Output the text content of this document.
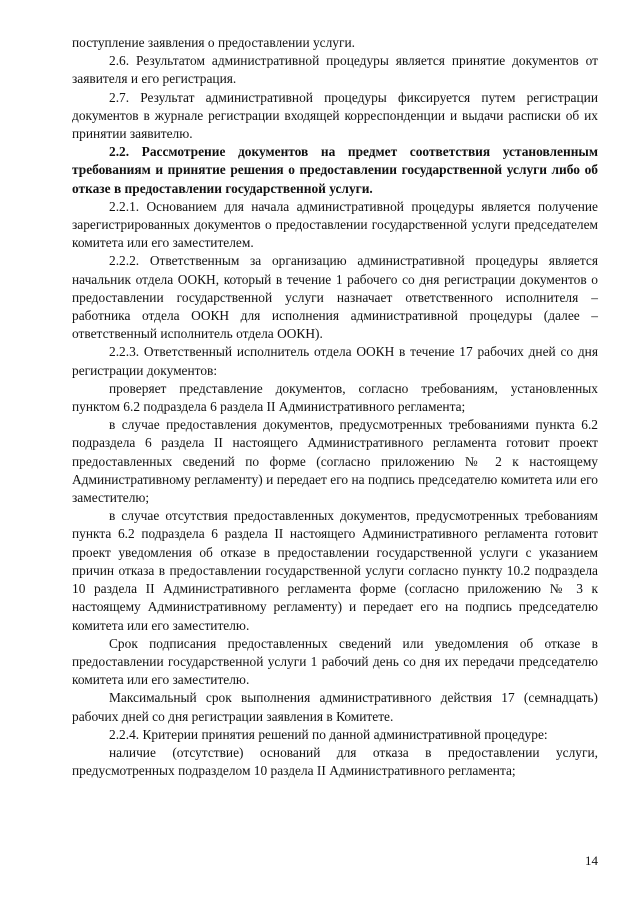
поступление заявления о предоставлении услуги.

2.6. Результатом административной процедуры является принятие документов от заявителя и его регистрация.

2.7. Результат административной процедуры фиксируется путем регистрации документов в журнале регистрации входящей корреспонденции и выдачи расписки об их принятии заявителю.

2.2. Рассмотрение документов на предмет соответствия установленным требованиям и принятие решения о предоставлении государственной услуги либо об отказе в предоставлении государственной услуги.

2.2.1. Основанием для начала административной процедуры является получение зарегистрированных документов о предоставлении государственной услуги председателем комитета или его заместителем.

2.2.2. Ответственным за организацию административной процедуры является начальник отдела ООКН, который в течение 1 рабочего со дня регистрации документов о предоставлении государственной услуги назначает ответственного исполнителя – работника отдела ООКН для исполнения административной процедуры (далее – ответственный исполнитель отдела ООКН).

2.2.3. Ответственный исполнитель отдела ООКН в течение 17 рабочих дней со дня регистрации документов:

проверяет представление документов, согласно требованиям, установленных пунктом 6.2 подраздела 6 раздела II Административного регламента;

в случае предоставления документов, предусмотренных требованиями пункта 6.2 подраздела 6 раздела II настоящего Административного регламента готовит проект предоставленных сведений по форме (согласно приложению № 2 к настоящему Административному регламенту) и передает его на подпись председателю комитета или его заместителю;

в случае отсутствия предоставленных документов, предусмотренных требованиям пункта 6.2 подраздела 6 раздела II настоящего Административного регламента готовит проект уведомления об отказе в предоставлении государственной услуги с указанием причин отказа в предоставлении государственной услуги согласно пункту 10.2 подраздела 10 раздела II Административного регламента форме (согласно приложению № 3 к настоящему Административному регламенту) и передает его на подпись председателю комитета или его заместителю.

Срок подписания предоставленных сведений или уведомления об отказе в предоставлении государственной услуги 1 рабочий день со дня их передачи председателю комитета или его заместителю.

Максимальный срок выполнения административного действия 17 (семнадцать) рабочих дней со дня регистрации заявления в Комитете.

2.2.4. Критерии принятия решений по данной административной процедуре:

наличие (отсутствие) оснований для отказа в предоставлении услуги, предусмотренных подразделом 10 раздела II Административного регламента;

14
